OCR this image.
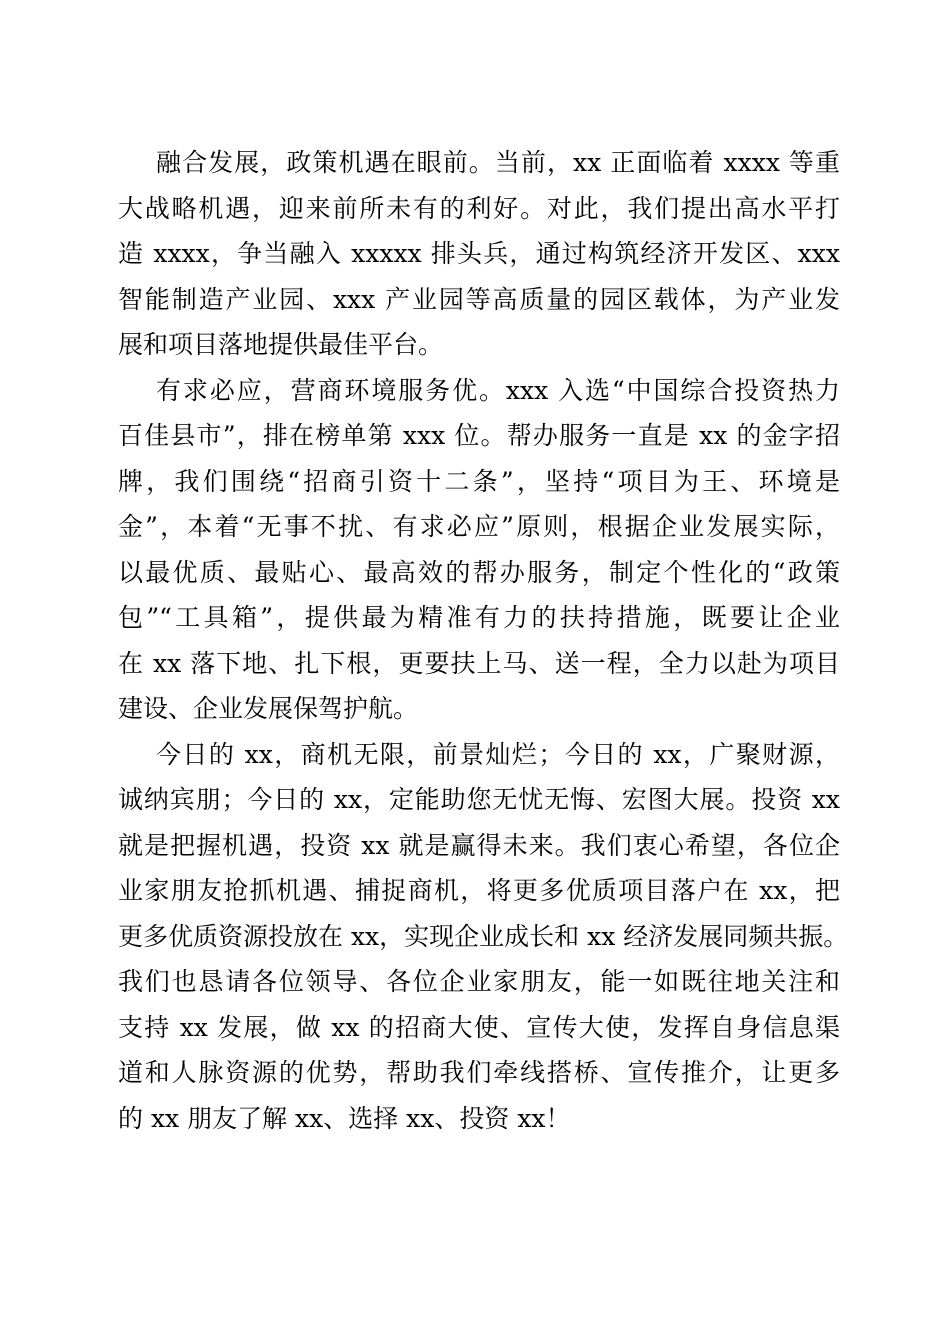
融合发展，政策机遇在眼前。当前，xx 正面临着 xxxx 等重
大战略机遇，迎来前所未有的利好。对此，我们提出高水平打
造 xxxx，争当融入 xxxxx 排头兵，通过构筑经济开发区、xxx
智能制造产业园、xxx 产业园等高质量的园区载体，为产业发
展和项目落地提供最佳平台。
有求必应，营商环境服务优。xxx 入选“中国综合投资热力
百佳县市”，排在榜单第 xxx 位。帮办服务一直是 xx 的金字招
牌，我们围绕“招商引资十二条”，坚持“项目为王、环境是
金”，本着“无事不扰、有求必应”原则，根据企业发展实际，
以最优质、最贴心、最高效的帮办服务，制定个性化的“政策
包”“工具箱”，提供最为精准有力的扶持措施，既要让企业
在 xx 落下地、扎下根，更要扶上马、送一程，全力以赴为项目
建设、企业发展保驾护航。
今日的 xx，商机无限，前景灿烂；今日的 xx，广聚财源，
诚纳宾朋；今日的 xx，定能助您无忧无悔、宏图大展。投资 xx
就是把握机遇，投资 xx 就是赢得未来。我们衷心希望，各位企
业家朋友抢抓机遇、捕捉商机，将更多优质项目落户在 xx，把
更多优质资源投放在 xx，实现企业成长和 xx 经济发展同频共振。
我们也恳请各位领导、各位企业家朋友，能一如既往地关注和
支持 xx 发展，做 xx 的招商大使、宣传大使，发挥自身信息渠
道和人脉资源的优势，帮助我们牵线搭桥、宣传推介，让更多
的 xx 朋友了解 xx、选择 xx、投资 xx！
